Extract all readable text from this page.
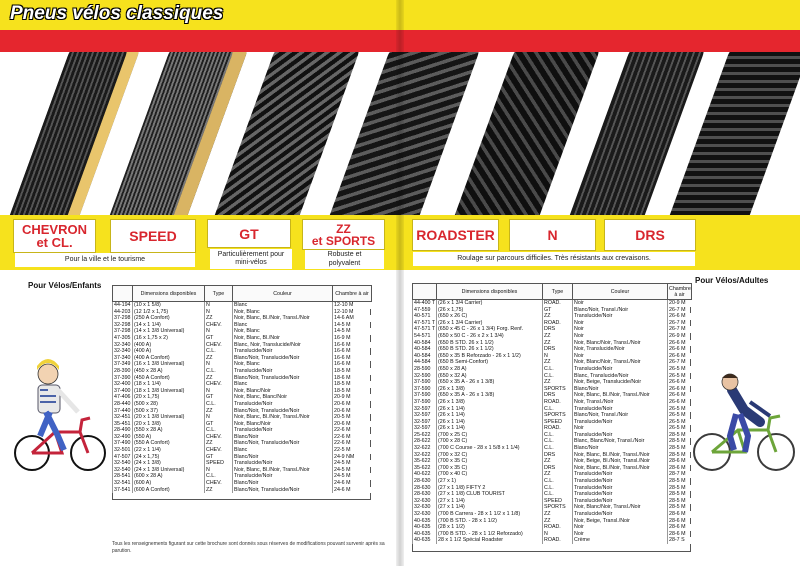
Pneus vélos classiques
CHEVRON
et CL.	SPEED	GT	ZZ
et SPORTS	ROADSTER	N	DRS
Pour la ville et le tourisme
Particulièrement pour mini-vélos
Robuste et polyvalent
Roulage sur parcours difficiles. Très résistants aux crevaisons.
Pour Vélos/Enfants
Pour Vélos/Adultes
	Dimensions disponibles	Type	Couleur	Chambre à air
44-194	(10 x 1 5/8)	N	Blanc	12-10 M
44-203	(12 1/2 x 1,75)	N	Noir, Blanc	12-10 M
37-298	(250 A Confort)	ZZ	Noir, Blanc, Bl./Noir, Transl./Noir	14-6 AM
32-298	(14 x 1 1/4)	CHEV.	Blanc	14-5 M
37-298	(14 x 1 3/8 Universal)	N	Noir, Blanc	14-5 M
47-305	(16 x 1,75 x 2)	GT	Noir, Blanc, Bl./Noir	16-9 M
32-340	(400 A)	CHEV.	Blanc, Noir, Translucide/Noir	16-6 M
32-340	(400 A)	C.L.	Translucide/Noir	16-6 M
37-340	(400 A Confort)	ZZ	Blanc/Noir, Translucide/Noir	16-6 M
37-349	(16 x 1 3/8 Universal)	N	Noir, Blanc	16-6 M
28-390	(450 x 28 A)	C.L.	Translucide/Noir	18-5 M
37-390	(450 A Confort)	ZZ	Blanc/Noir, Translucide/Noir	18-6 M
32-400	(18 x 1 1/4)	CHEV.	Blanc	18-5 M
37-400	(18 x 1 3/8 Universal)	N	Noir, Blanc/Noir	18-5 M
47-406	(20 x 1,75)	GT	Noir, Blanc, Blanc/Noir	20-9 M
28-440	(500 x 28)	C.L.	Translucide/Noir	20-6 M
37-440	(500 x 37)	ZZ	Blanc/Noir, Translucide/Noir	20-6 M
32-451	(20 x 1 3/8 Universal)	N	Noir, Blanc, Bl./Noir, Transl./Noir	20-5 M
35-451	(20 x 1 3/8)	GT	Noir, Blanc/Noir	20-6 M
28-490	(550 x 28 A)	C.L.	Translucide/Noir	22-6 M
32-490	(550 A)	CHEV.	Blanc/Noir	22-6 M
37-490	(550 A Confort)	ZZ	Blanc/Noir, Translucide/Noir	22-6 M
32-501	(22 x 1 1/4)	CHEV.	Blanc	22-5 M
47-507	(24 x 1,75)	GT	Blanc/Noir	24-9 NM
32-540	(24 x 1 3/8)	SPEED	Translucide/Noir	24-5 M
32-540	(24 x 1 3/8 Universal)	N	Noir, Blanc, Bl./Noir, Transl./Noir	24-5 M
28-541	(600 x 28 A)	C.L.	Translucide/Noir	24-5 M
32-541	(600 A)	CHEV.	Blanc/Noir	24-6 M
37-541	(600 A Confort)	ZZ	Blanc/Noir, Translucide/Noir	24-6 M
Tous les renseignements figurant sur cette brochure sont donnés sous réserves de modifications pouvant survenir après sa parution.
	Dimensions disponibles	Type	Couleur	Chambre à air
44-400 T	(26 x 1 3/4 Carrier)	ROAD.	Noir	20-9 M
47-559	(26 x 1,75)	GT	Blanc/Noir, Transl./Noir	26-7 M
40-571	(650 x 26 C)	ZZ	Translucide/Noir	26-6 M
47-571 T	(26 x 1 3/4 Carrier)	ROAD.	Noir	26-7 M
47-571 T	(650 x 45 C - 26 x 1 3/4) Forg. Renf.	DRS	Noir	26-7 M
54-571	(650 x 50 C - 26 x 2 x 1 3/4)	ZZ	Noir	26-9 M
40-584	(650 B STD. 26 x 1 1/2)	ZZ	Noir, Blanc/Noir, Transl./Noir	26-6 M
40-584	(650 B STD. 26 x 1 1/2)	DRS	Noir, Translucide/Noir	26-6 M
40-584	(650 x 35 B Reforzado - 26 x 1 1/2)	N	Noir	26-6 M
44-584	(650 B Semi-Confort)	ZZ	Noir, Blanc/Noir, Transl./Noir	26-7 M
28-590	(650 x 28 A)	C.L.	Translucide/Noir	26-5 M
32-590	(650 x 32 A)	C.L.	Blanc, Translucide/Noir	26-5 M
37-590	(650 x 35 A - 26 x 1 3/8)	ZZ	Noir, Beige, Translucide/Noir	26-6 M
37-590	(26 x 1 3/8)	SPORTS	Blanc/Noir	26-6 M
37-590	(650 x 35 A - 26 x 1 3/8)	DRS	Noir, Blanc, Bl./Noir, Transl./Noir	26-6 M
37-590	(26 x 1 3/8)	ROAD.	Noir, Transl./Noir	26-6 M
32-597	(26 x 1 1/4)	C.L.	Translucide/Noir	26-5 M
32-597	(26 x 1 1/4)	SPORTS	Blanc/Noir, Transl./Noir	26-5 M
32-597	(26 x 1 1/4)	SPEED	Translucide/Noir	26-5 M
32-597	(26 x 1 1/4)	ROAD.	Noir	26-5 M
25-622	(700 x 25 C)	C.L.	Translucide/Noir	28-5 M
28-622	(700 x 28 C)	C.L.	Blanc, Blanc/Noir, Transl./Noir	28-5 M
32-622	(700 C Course - 28 x 1 5/8 x 1 1/4)	C.L.	Blanc/Noir	28-5 M
32-622	(700 x 32 C)	DRS	Noir, Blanc, Bl./Noir, Transl./Noir	28-5 M
35-622	(700 x 35 C)	ZZ	Noir, Beige, Bl./Noir, Transl./Noir	28-6 M
35-622	(700 x 35 C)	DRS	Noir, Blanc, Bl./Noir, Transl./Noir	28-6 M
40-622	(700 x 40 C)	ZZ	Translucide/Noir	28-7 M
28-630	(27 x 1)	C.L.	Translucide/Noir	28-5 M
28-630	(27 x 1 1/8) FIFTY 2	C.L.	Translucide/Noir	28-5 M
28-630	(27 x 1 1/8) CLUB TOURIST	C.L.	Translucide/Noir	28-5 M
32-630	(27 x 1 1/4)	SPEED	Translucide/Noir	28-5 M
32-630	(27 x 1 1/4)	SPORTS	Noir, Blanc/Noir, Transl./Noir	28-5 M
32-630	(700 B Carrera - 28 x 1 1/2 x 1 1/8)	ZZ	Translucide/Noir	28-6 M
40-635	(700 B STD. - 28 x 1 1/2)	ZZ	Noir, Beige, Transl./Noir	28-6 M
40-635	(28 x 1 1/2)	ROAD.	Noir	28-6 M
40-635	(700 B STD. - 28 x 1 1/2 Reforzado)	N	Noir	28-6 M
40-635	28 x 1 1/2 Spécial Roadster	ROAD.	Crème	28-7 S
